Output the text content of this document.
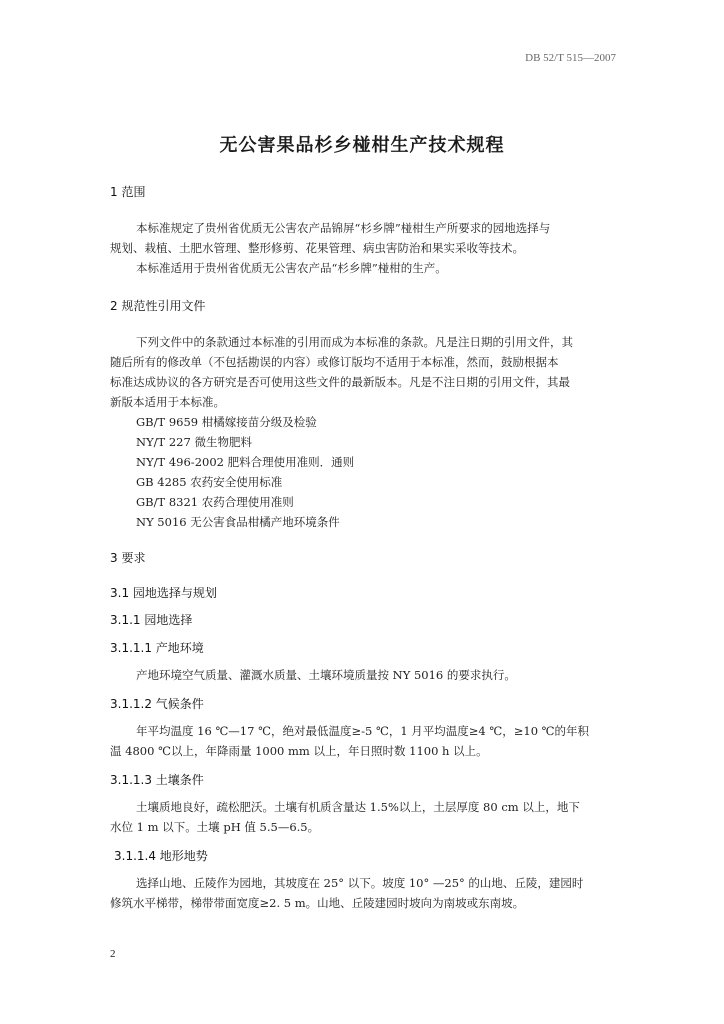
DB 52/T 515—2007
无公害果品杉乡椪柑生产技术规程
1 范围
本标准规定了贵州省优质无公害农产品锦屏“杉乡牌”椪柑生产所要求的园地选择与
规划、栽植、土肥水管理、整形修剪、花果管理、病虫害防治和果实采收等技术。
本标准适用于贵州省优质无公害农产品“杉乡牌”椪柑的生产。
2 规范性引用文件
下列文件中的条款通过本标准的引用而成为本标准的条款。凡是注日期的引用文件，其
随后所有的修改单（不包括勘误的内容）或修订版均不适用于本标准，然而，鼓励根据本
标准达成协议的各方研究是否可使用这些文件的最新版本。凡是不注日期的引用文件，其最
新版本适用于本标准。
GB/T 9659 柑橘嫁接苗分级及检验
NY/T 227 微生物肥料
NY/T 496-2002 肥料合理使用准则．通则
GB 4285 农药安全使用标准
GB/T 8321 农药合理使用准则
NY 5016 无公害食品柑橘产地环境条件
3 要求
3.1 园地选择与规划
3.1.1 园地选择
3.1.1.1 产地环境
产地环境空气质量、灌溉水质量、土壤环境质量按 NY 5016 的要求执行。
3.1.1.2 气候条件
年平均温度 16 ℃—17 ℃，绝对最低温度≥-5 ℃，1 月平均温度≥4 ℃，≥10 ℃的年积
温 4800 ℃以上，年降雨量 1000 mm 以上，年日照时数 1100 h 以上。
3.1.1.3 土壤条件
土壤质地良好，疏松肥沃。土壤有机质含量达 1.5%以上，土层厚度 80 cm 以上，地下
水位 1 m 以下。土壤 pH 值 5.5—6.5。
3.1.1.4 地形地势
选择山地、丘陵作为园地，其坡度在 25° 以下。坡度 10° —25° 的山地、丘陵，建园时
修筑水平梯带，梯带带面宽度≥2. 5 m。山地、丘陵建园时坡向为南坡或东南坡。
2
